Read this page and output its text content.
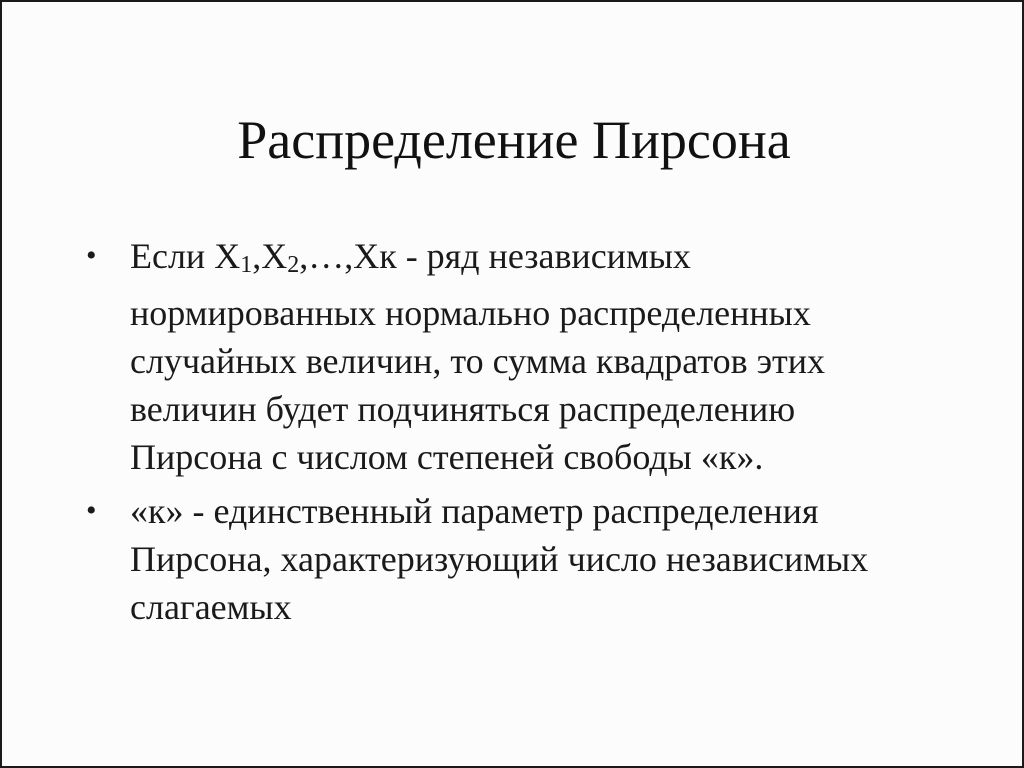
Распределение Пирсона
• Если X1,X2,…,Xк - ряд независимых нормированных нормально распределенных случайных величин, то сумма квадратов этих величин будет подчиняться распределению Пирсона с числом степеней свободы «к».
• «к» - единственный параметр распределения Пирсона, характеризующий число независимых слагаемых
